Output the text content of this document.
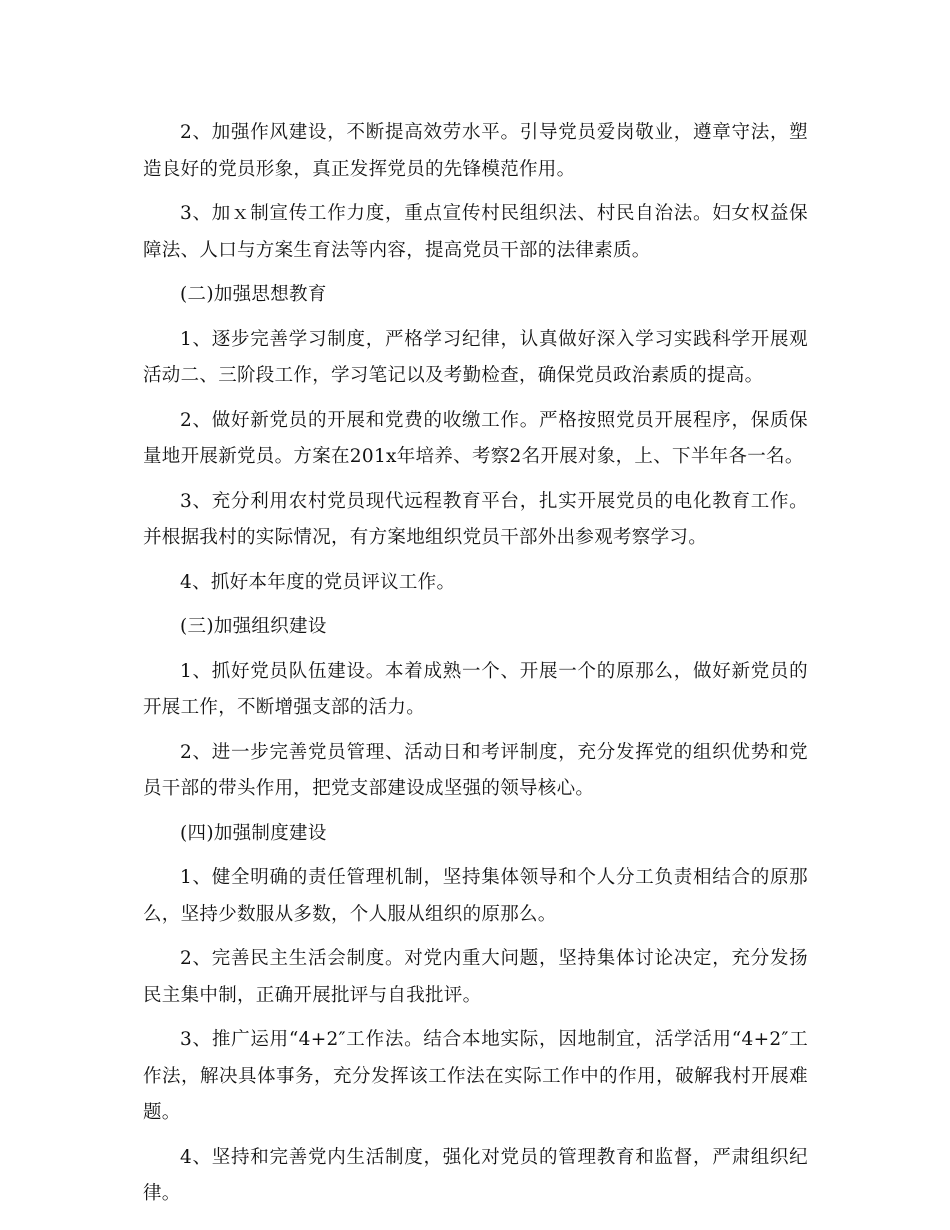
2、加强作风建设，不断提高效劳水平。引导党员爱岗敬业，遵章守法，塑造良好的党员形象，真正发挥党员的先锋模范作用。

3、加ｘ制宣传工作力度，重点宣传村民组织法、村民自治法。妇女权益保障法、人口与方案生育法等内容，提高党员干部的法律素质。

(二)加强思想教育

1、逐步完善学习制度，严格学习纪律，认真做好深入学习实践科学开展观活动二、三阶段工作，学习笔记以及考勤检查，确保党员政治素质的提高。

2、做好新党员的开展和党费的收缴工作。严格按照党员开展程序，保质保量地开展新党员。方案在201x年培养、考察2名开展对象，上、下半年各一名。

3、充分利用农村党员现代远程教育平台，扎实开展党员的电化教育工作。并根据我村的实际情况，有方案地组织党员干部外出参观考察学习。

4、抓好本年度的党员评议工作。

(三)加强组织建设

1、抓好党员队伍建设。本着成熟一个、开展一个的原那么，做好新党员的开展工作，不断增强支部的活力。

2、进一步完善党员管理、活动日和考评制度，充分发挥党的组织优势和党员干部的带头作用，把党支部建设成坚强的领导核心。

(四)加强制度建设

1、健全明确的责任管理机制，坚持集体领导和个人分工负责相结合的原那么，坚持少数服从多数，个人服从组织的原那么。

2、完善民主生活会制度。对党内重大问题，坚持集体讨论决定，充分发扬民主集中制，正确开展批评与自我批评。

3、推广运用“4+2″工作法。结合本地实际，因地制宜，活学活用“4+2″工作法，解决具体事务，充分发挥该工作法在实际工作中的作用，破解我村开展难题。

4、坚持和完善党内生活制度，强化对党员的管理教育和监督，严肃组织纪律。
